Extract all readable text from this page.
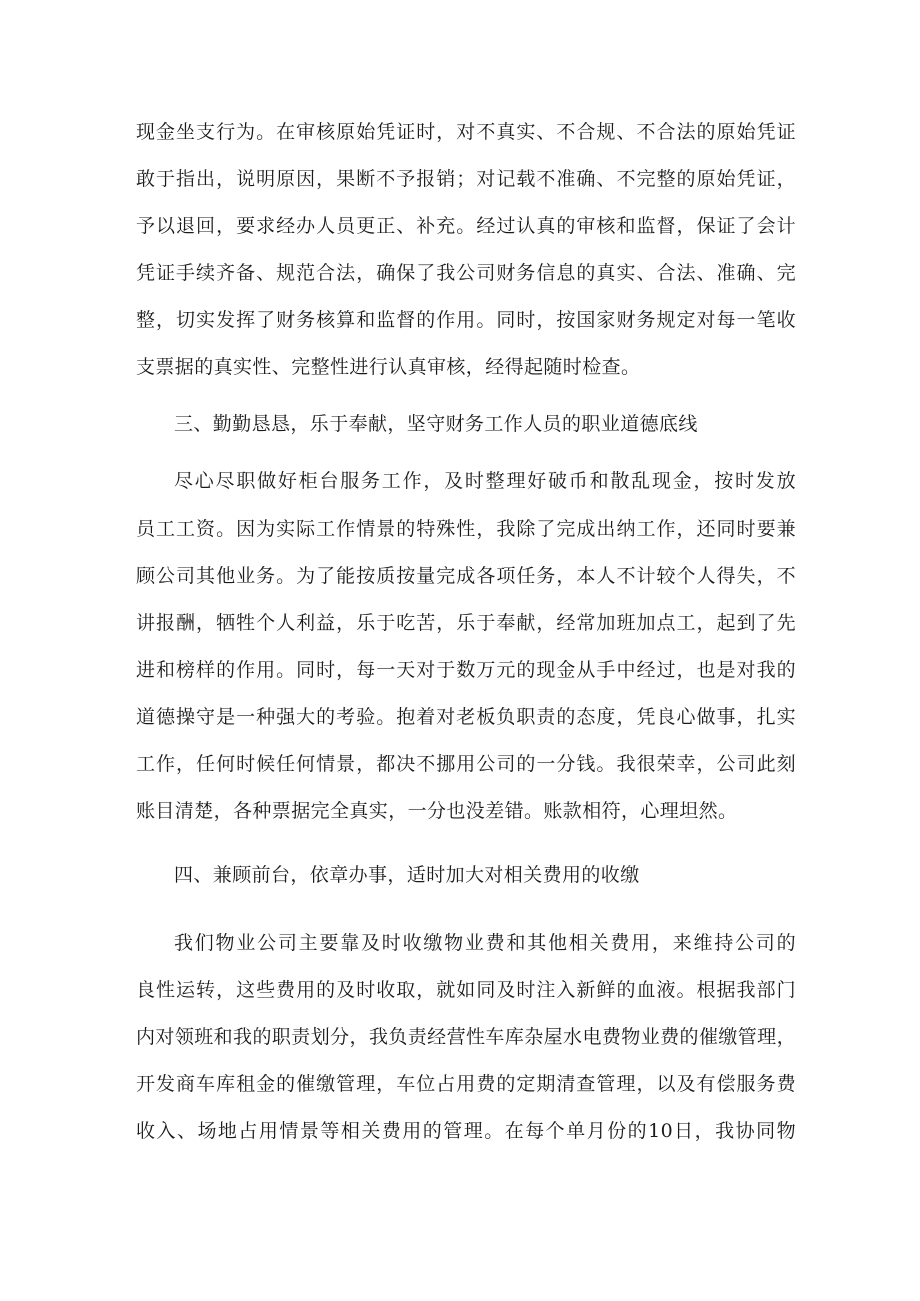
现金坐支行为。在审核原始凭证时，对不真实、不合规、不合法的原始凭证
敢于指出，说明原因，果断不予报销；对记载不准确、不完整的原始凭证，
予以退回，要求经办人员更正、补充。经过认真的审核和监督，保证了会计
凭证手续齐备、规范合法，确保了我公司财务信息的真实、合法、准确、完
整，切实发挥了财务核算和监督的作用。同时，按国家财务规定对每一笔收
支票据的真实性、完整性进行认真审核，经得起随时检查。
三、勤勤恳恳，乐于奉献，坚守财务工作人员的职业道德底线
尽心尽职做好柜台服务工作，及时整理好破币和散乱现金，按时发放
员工工资。因为实际工作情景的特殊性，我除了完成出纳工作，还同时要兼
顾公司其他业务。为了能按质按量完成各项任务，本人不计较个人得失，不
讲报酬，牺牲个人利益，乐于吃苦，乐于奉献，经常加班加点工，起到了先
进和榜样的作用。同时，每一天对于数万元的现金从手中经过，也是对我的
道德操守是一种强大的考验。抱着对老板负职责的态度，凭良心做事，扎实
工作，任何时候任何情景，都决不挪用公司的一分钱。我很荣幸，公司此刻
账目清楚，各种票据完全真实，一分也没差错。账款相符，心理坦然。
四、兼顾前台，依章办事，适时加大对相关费用的收缴
我们物业公司主要靠及时收缴物业费和其他相关费用，来维持公司的
良性运转，这些费用的及时收取，就如同及时注入新鲜的血液。根据我部门
内对领班和我的职责划分，我负责经营性车库杂屋水电费物业费的催缴管理，
开发商车库租金的催缴管理，车位占用费的定期清查管理，以及有偿服务费
收入、场地占用情景等相关费用的管理。在每个单月份的10日，我协同物
